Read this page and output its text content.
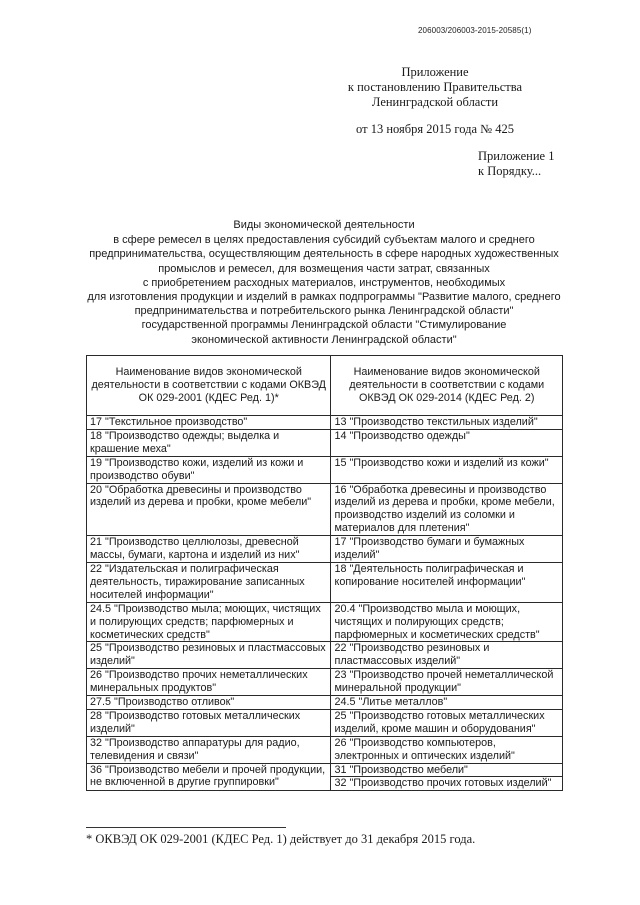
206003/206003-2015-20585(1)
Приложение
к постановлению Правительства
Ленинградской области
от 13 ноября 2015 года № 425
Приложение 1
к Порядку...
Виды экономической деятельности
в сфере ремесел в целях предоставления субсидий субъектам малого и среднего
предпринимательства, осуществляющим деятельность в сфере народных художественных
промыслов и ремесел, для возмещения части затрат, связанных
с приобретением расходных материалов, инструментов, необходимых
для изготовления продукции и изделий в рамках подпрограммы "Развитие малого, среднего
предпринимательства и потребительского рынка Ленинградской области"
государственной программы Ленинградской области "Стимулирование
экономической активности Ленинградской области"
Наименование видов экономической деятельности в соответствии с кодами ОКВЭД ОК 029-2001 (КДЕС Ред. 1)*	Наименование видов экономической деятельности в соответствии с кодами ОКВЭД ОК 029-2014 (КДЕС Ред. 2)
17 "Текстильное производство"	13 "Производство текстильных изделий"
18 "Производство одежды; выделка и крашение меха"	14 "Производство одежды"
19 "Производство кожи, изделий из кожи и производство обуви"	15 "Производство кожи и изделий из кожи"
20 "Обработка древесины и производство изделий из дерева и пробки, кроме мебели"	16 "Обработка древесины и производство изделий из дерева и пробки, кроме мебели, производство изделий из соломки и материалов для плетения"
21 "Производство целлюлозы, древесной массы, бумаги, картона и изделий из них"	17 "Производство бумаги и бумажных изделий"
22 "Издательская и полиграфическая деятельность, тиражирование записанных носителей информации"	18 "Деятельность полиграфическая и копирование носителей информации"
24.5 "Производство мыла; моющих, чистящих и полирующих средств; парфюмерных и косметических средств"	20.4 "Производство мыла и моющих, чистящих и полирующих средств; парфюмерных и косметических средств"
25 "Производство резиновых и пластмассовых изделий"	22 "Производство резиновых и пластмассовых изделий"
26 "Производство прочих неметаллических минеральных продуктов"	23 "Производство прочей неметаллической минеральной продукции"
27.5 "Производство отливок"	24.5 "Литье металлов"
28 "Производство готовых металлических изделий"	25 "Производство готовых металлических изделий, кроме машин и оборудования"
32 "Производство аппаратуры для радио, телевидения и связи"	26 "Производство компьютеров, электронных и оптических изделий"
36 "Производство мебели и прочей продукции, не включенной в другие группировки"	31 "Производство мебели"
	32 "Производство прочих готовых изделий"
* ОКВЭД ОК 029-2001 (КДЕС Ред. 1) действует до 31 декабря 2015 года.
